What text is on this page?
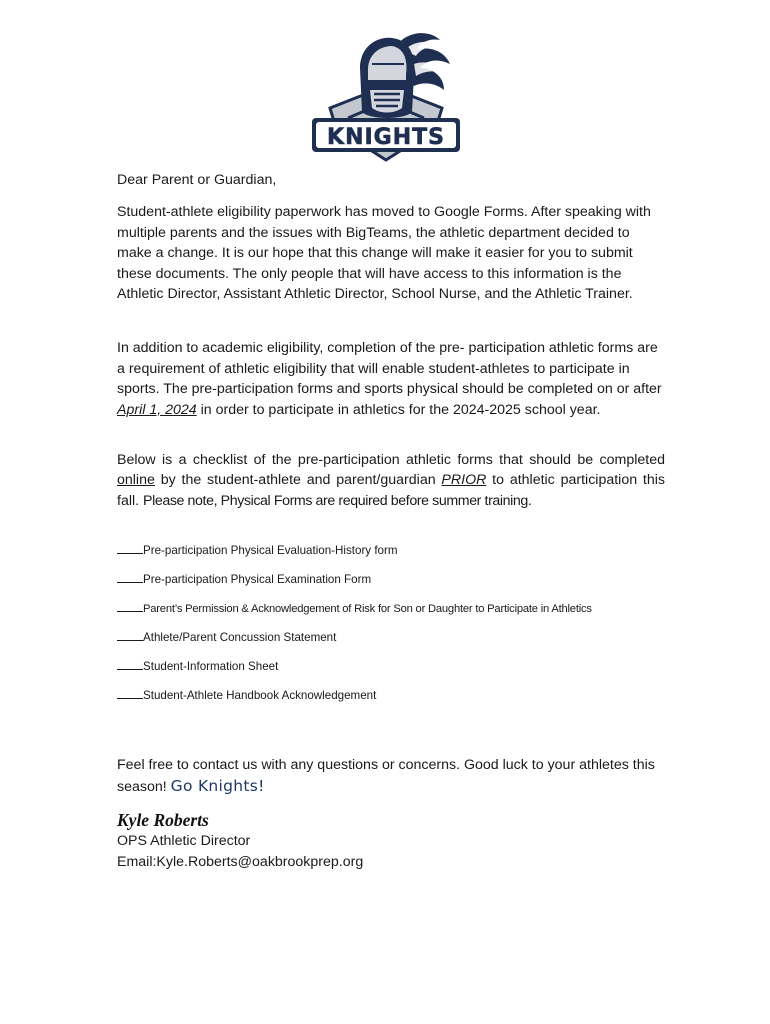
KNIGHTS

Dear Parent or Guardian,

Student-athlete eligibility paperwork has moved to Google Forms. After speaking with multiple parents and the issues with BigTeams, the athletic department decided to make a change. It is our hope that this change will make it easier for you to submit these documents. The only people that will have access to this information is the Athletic Director, Assistant Athletic Director, School Nurse, and the Athletic Trainer.

In addition to academic eligibility, completion of the pre- participation athletic forms are a requirement of athletic eligibility that will enable student-athletes to participate in sports. The pre-participation forms and sports physical should be completed on or after April 1, 2024 in order to participate in athletics for the 2024-2025 school year.

Below is a checklist of the pre-participation athletic forms that should be completed online by the student-athlete and parent/guardian PRIOR to athletic participation this fall. Please note, Physical Forms are required before summer training.

Pre-participation Physical Evaluation-History form
Pre-participation Physical Examination Form
Parent’s Permission & Acknowledgement of Risk for Son or Daughter to Participate in Athletics
Athlete/Parent Concussion Statement
Student-Information Sheet
Student-Athlete Handbook Acknowledgement

Feel free to contact us with any questions or concerns. Good luck to your athletes this season! Go Knights!

Kyle Roberts
OPS Athletic Director
Email:Kyle.Roberts@oakbrookprep.org
